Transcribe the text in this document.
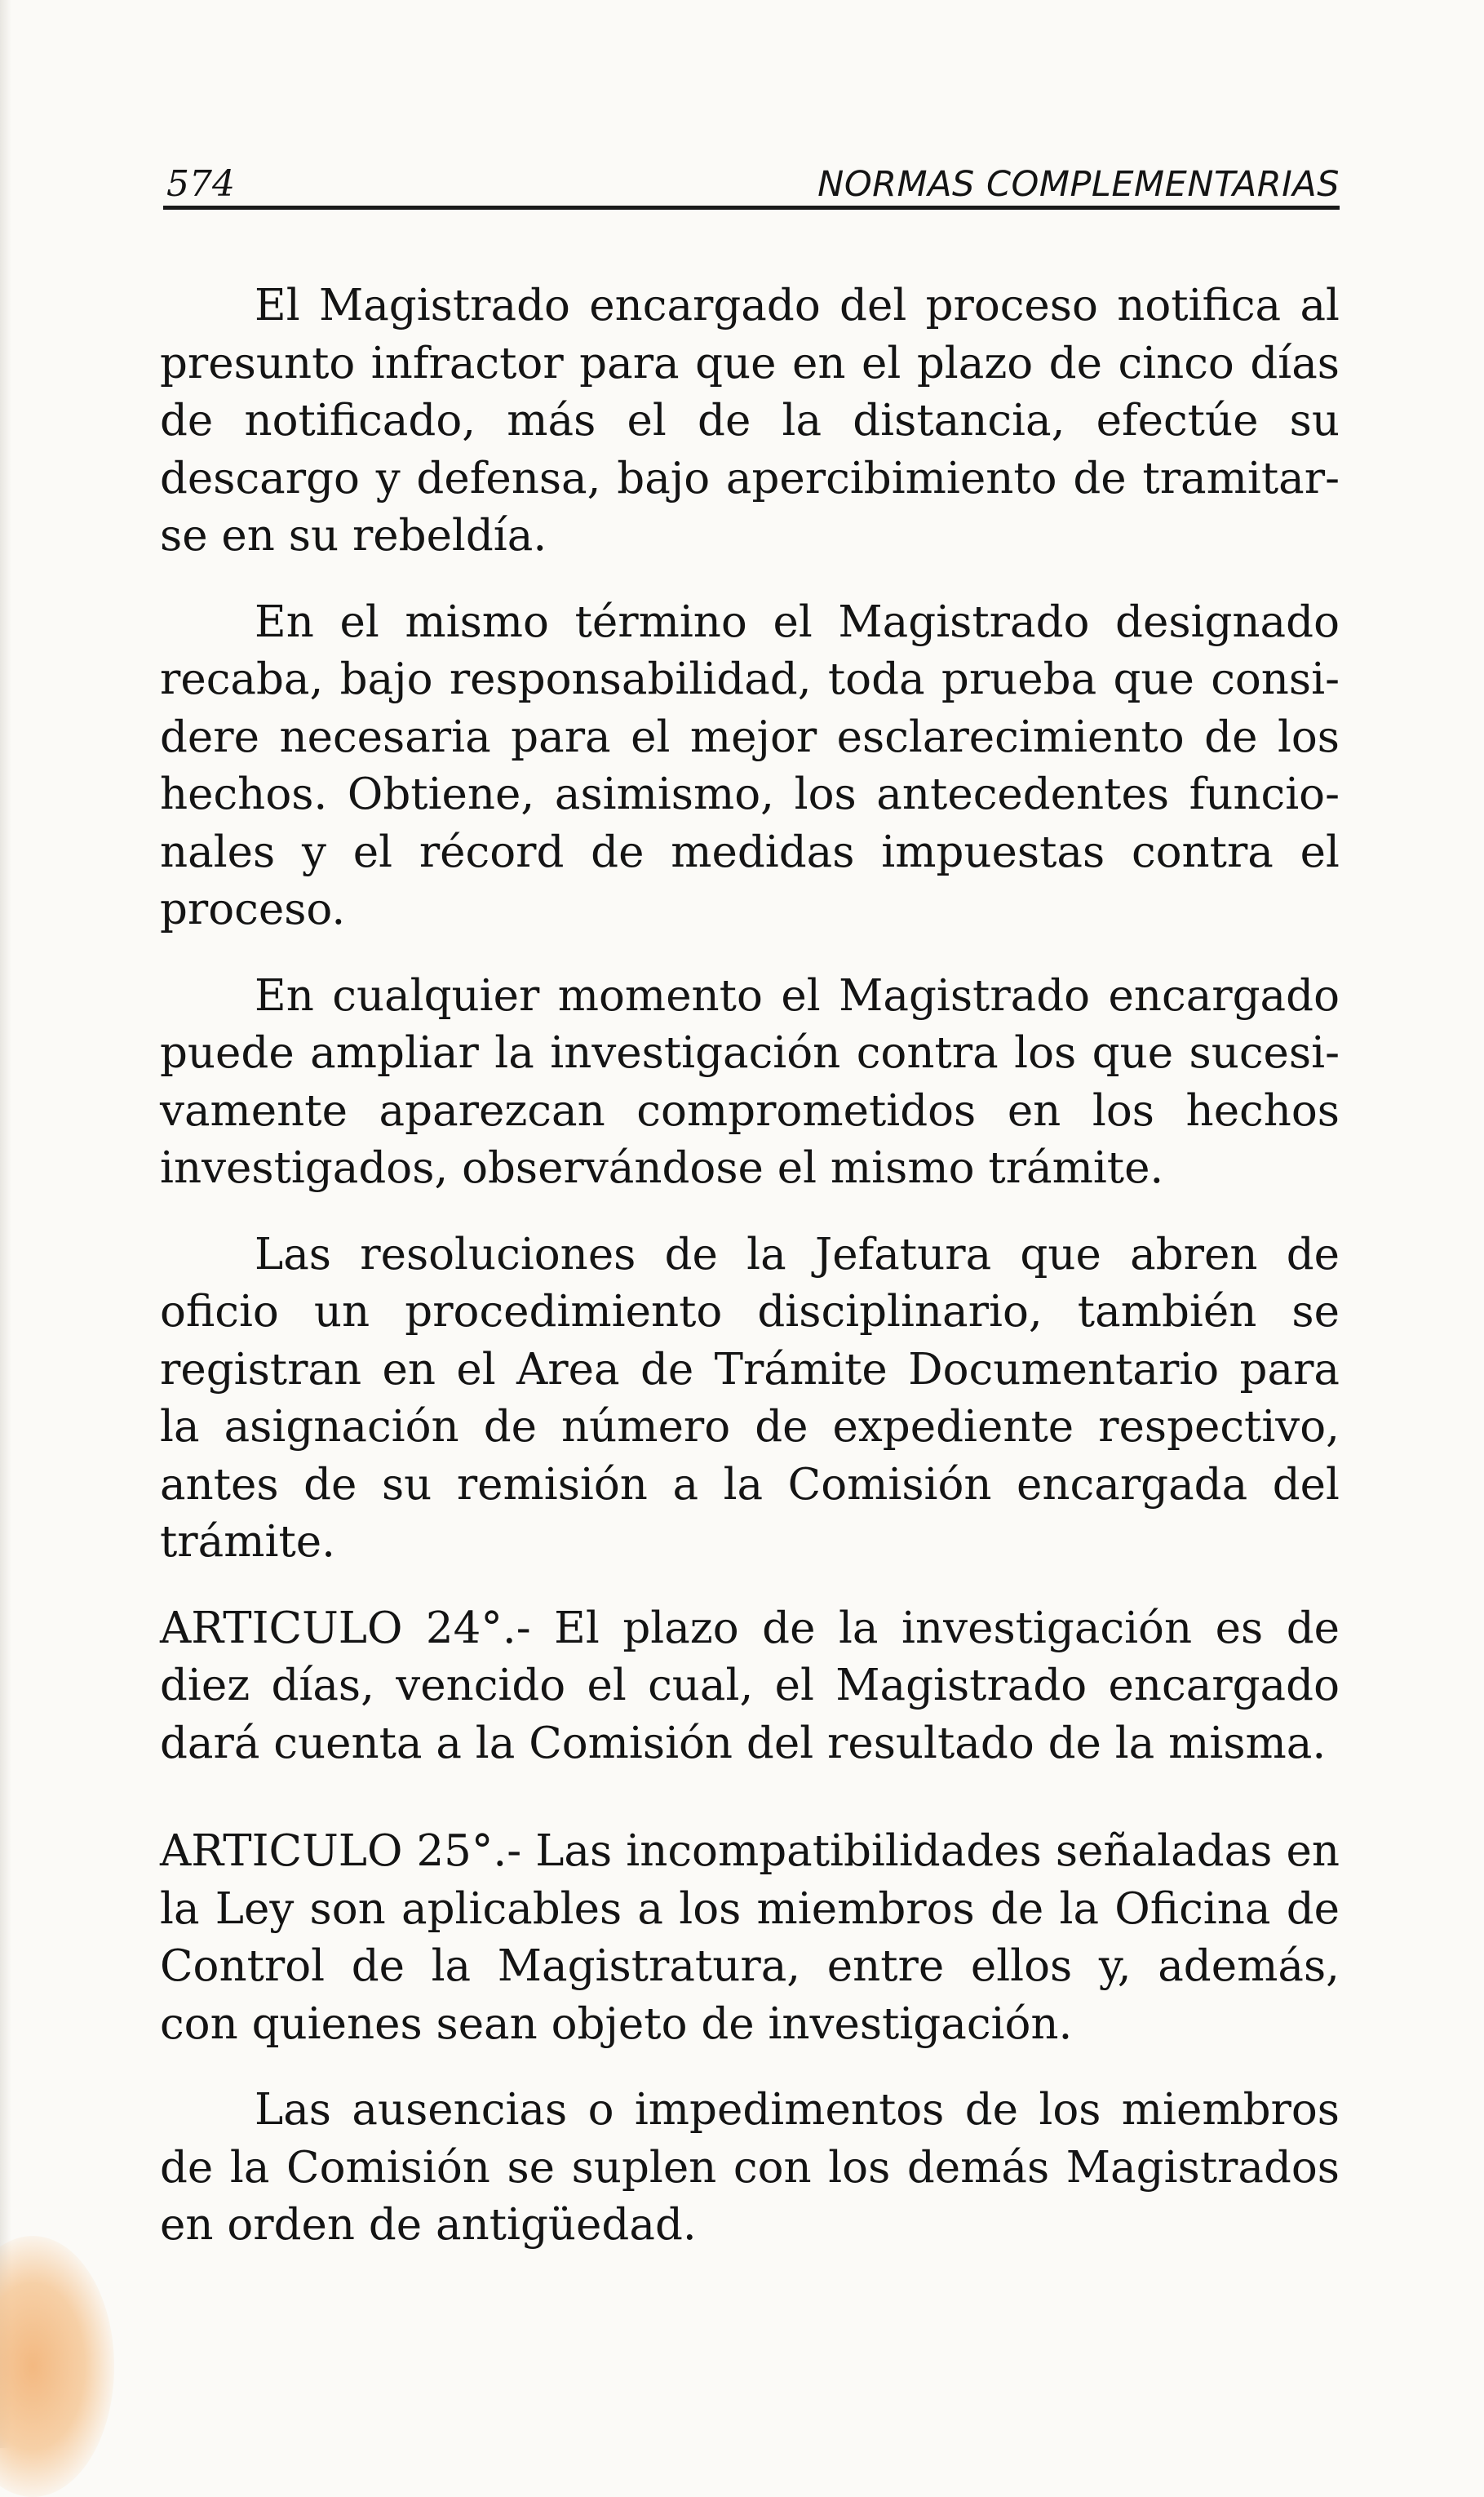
574	NORMAS COMPLEMENTARIAS

El Magistrado encargado del proceso notifica al presunto infractor para que en el plazo de cinco días de notificado, más el de la distancia, efectúe su descargo y defensa, bajo apercibimiento de tramitarse en su rebeldía.

En el mismo término el Magistrado designado recaba, bajo responsabilidad, toda prueba que considere necesaria para el mejor esclarecimiento de los hechos. Obtiene, asimismo, los antecedentes funcionales y el récord de medidas impuestas contra el proceso.

En cualquier momento el Magistrado encargado puede ampliar la investigación contra los que sucesivamente aparezcan comprometidos en los hechos investigados, observándose el mismo trámite.

Las resoluciones de la Jefatura que abren de oficio un procedimiento disciplinario, también se registran en el Area de Trámite Documentario para la asignación de número de expediente respectivo, antes de su remisión a la Comisión encargada del trámite.

ARTICULO 24°.- El plazo de la investigación es de diez días, vencido el cual, el Magistrado encargado dará cuenta a la Comisión del resultado de la misma.

ARTICULO 25°.- Las incompatibilidades señaladas en la Ley son aplicables a los miembros de la Oficina de Control de la Magistratura, entre ellos y, además, con quienes sean objeto de investigación.

Las ausencias o impedimentos de los miembros de la Comisión se suplen con los demás Magistrados en orden de antigüedad.
